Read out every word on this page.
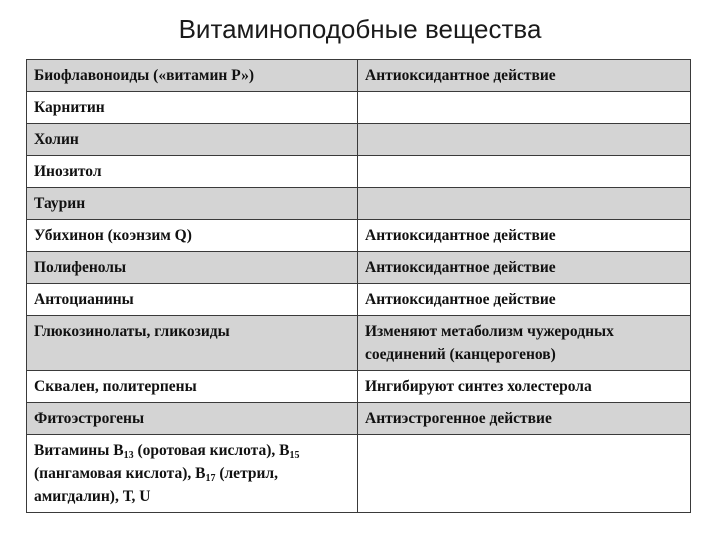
Витаминоподобные вещества
Биофлавоноиды («витамин Р»)	Антиоксидантное действие
Карнитин	
Холин	
Инозитол	
Таурин	
Убихинон (коэнзим Q)	Антиоксидантное действие
Полифенолы	Антиоксидантное действие
Антоцианины	Антиоксидантное действие
Глюкозинолаты, гликозиды	Изменяют метаболизм чужеродных соединений (канцерогенов)
Сквален, политерпены	Ингибируют синтез холестерола
Фитоэстрогены	Антиэстрогенное действие
Витамины $В_{13}$ (оротовая кислота), $В_{15}$ (пангамовая кислота), $В_{17}$ (летрил, амигдалин), Т, U	
